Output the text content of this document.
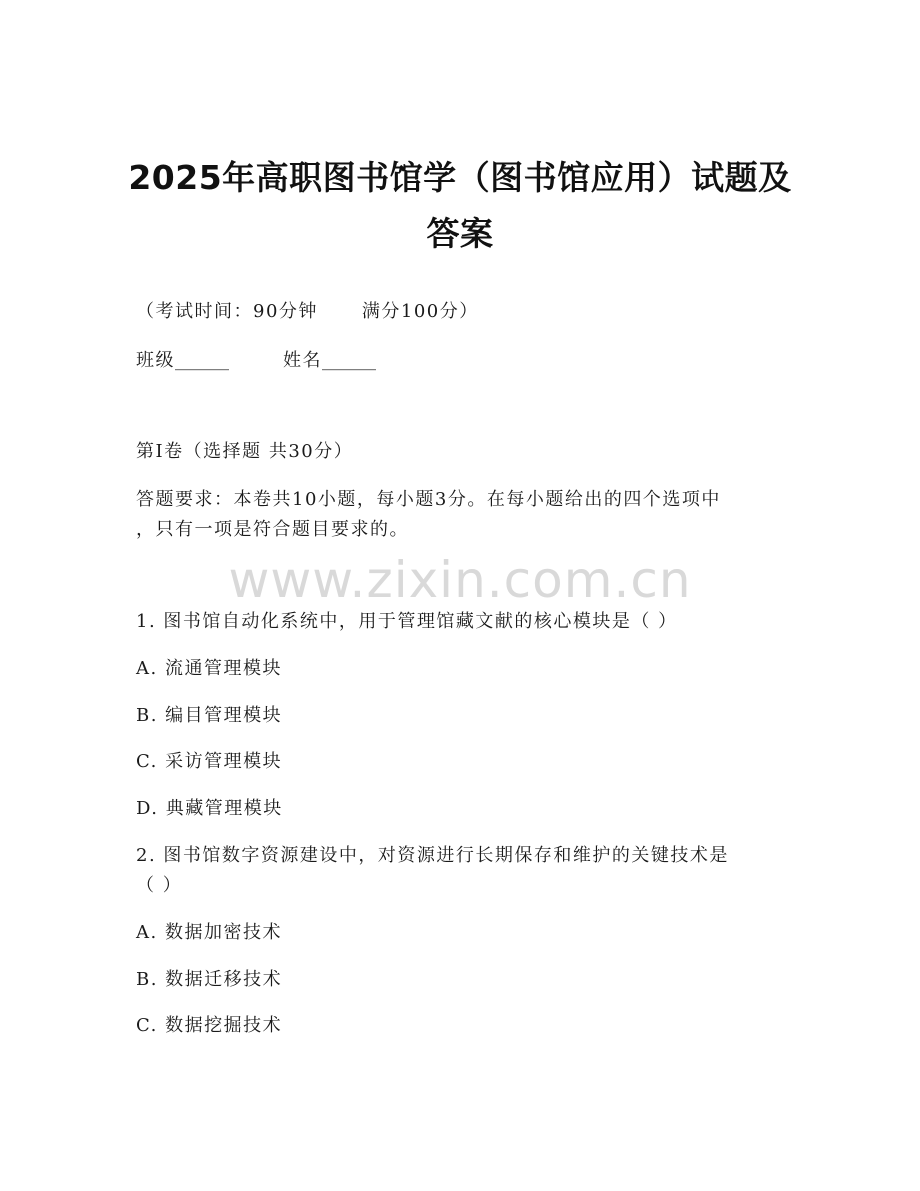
2025年高职图书馆学（图书馆应用）试题及
答案
（考试时间：90分钟 满分100分）
班级______	姓名______
第Ⅰ卷（选择题 共30分）
答题要求：本卷共10小题，每小题3分。在每小题给出的四个选项中
，只有一项是符合题目要求的。
www.zixin.com.cn
1. 图书馆自动化系统中，用于管理馆藏文献的核心模块是（ ）
A. 流通管理模块
B. 编目管理模块
C. 采访管理模块
D. 典藏管理模块
2. 图书馆数字资源建设中，对资源进行长期保存和维护的关键技术是
（ ）
A. 数据加密技术
B. 数据迁移技术
C. 数据挖掘技术
